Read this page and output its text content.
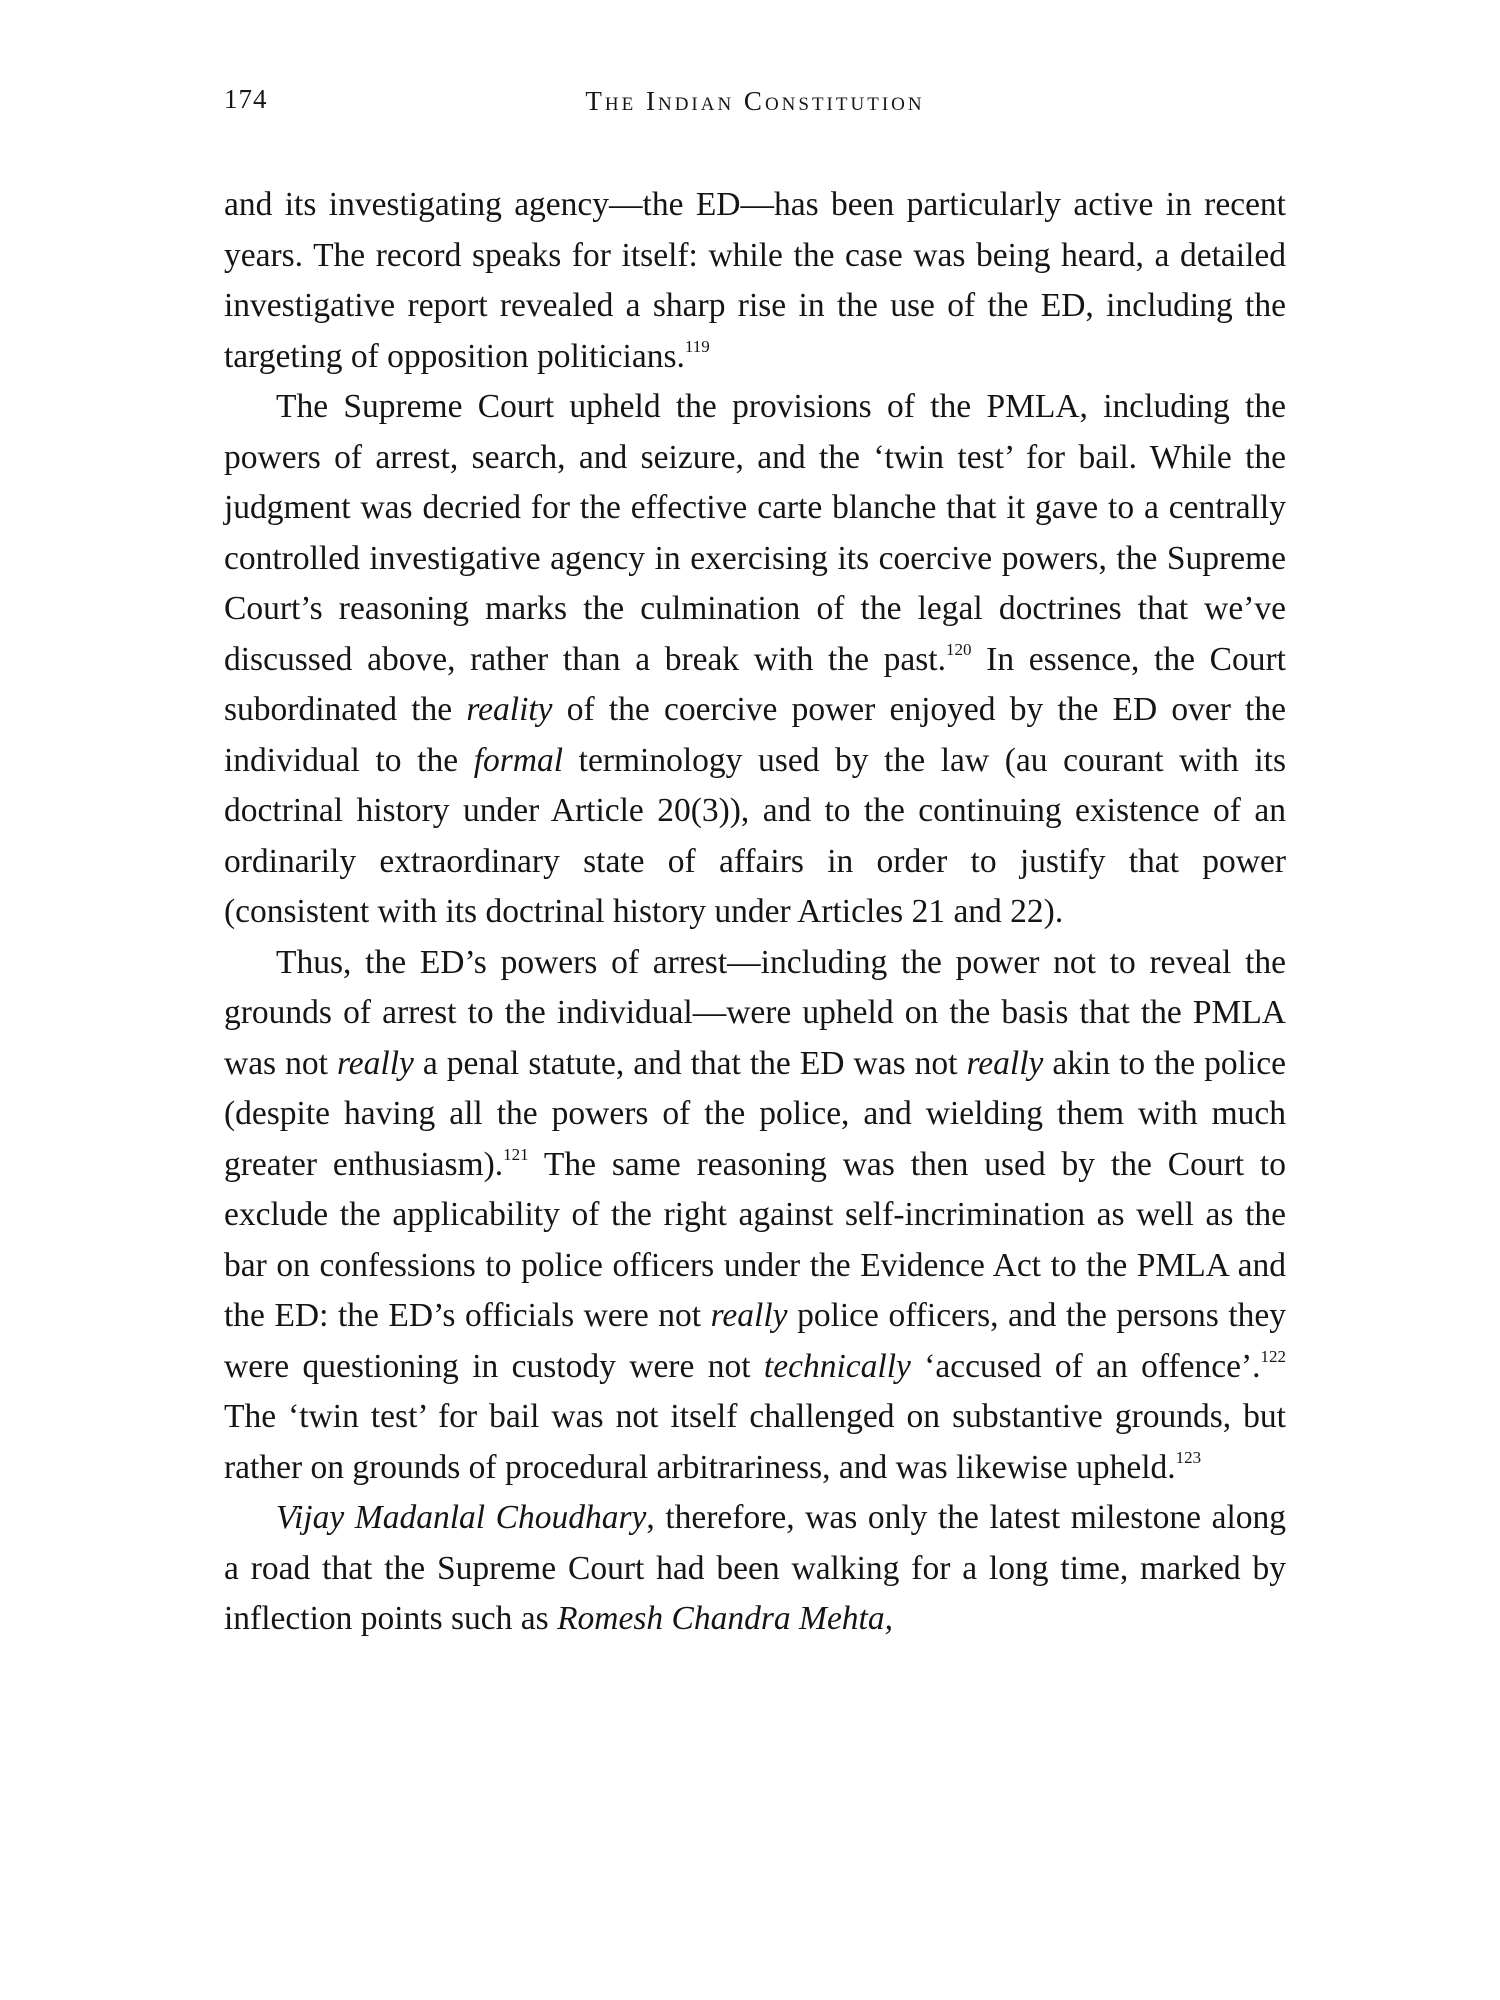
174	The Indian Constitution

and its investigating agency—the ED—has been particularly active in recent years. The record speaks for itself: while the case was being heard, a detailed investigative report revealed a sharp rise in the use of the ED, including the targeting of opposition politicians.$^{119}$

The Supreme Court upheld the provisions of the PMLA, including the powers of arrest, search, and seizure, and the ‘twin test’ for bail. While the judgment was decried for the effective carte blanche that it gave to a centrally controlled investigative agency in exercising its coercive powers, the Supreme Court’s reasoning marks the culmination of the legal doctrines that we’ve discussed above, rather than a break with the past.$^{120}$ In essence, the Court subordinated the reality of the coercive power enjoyed by the ED over the individual to the formal terminology used by the law (au courant with its doctrinal history under Article 20(3)), and to the continuing existence of an ordinarily extraordinary state of affairs in order to justify that power (consistent with its doctrinal history under Articles 21 and 22).

Thus, the ED’s powers of arrest—including the power not to reveal the grounds of arrest to the individual—were upheld on the basis that the PMLA was not really a penal statute, and that the ED was not really akin to the police (despite having all the powers of the police, and wielding them with much greater enthusiasm).$^{121}$ The same reasoning was then used by the Court to exclude the applicability of the right against self-incrimination as well as the bar on confessions to police officers under the Evidence Act to the PMLA and the ED: the ED’s officials were not really police officers, and the persons they were questioning in custody were not technically ‘accused of an offence’.$^{122}$ The ‘twin test’ for bail was not itself challenged on substantive grounds, but rather on grounds of procedural arbitrariness, and was likewise upheld.$^{123}$

Vijay Madanlal Choudhary, therefore, was only the latest milestone along a road that the Supreme Court had been walking for a long time, marked by inflection points such as Romesh Chandra Mehta,
